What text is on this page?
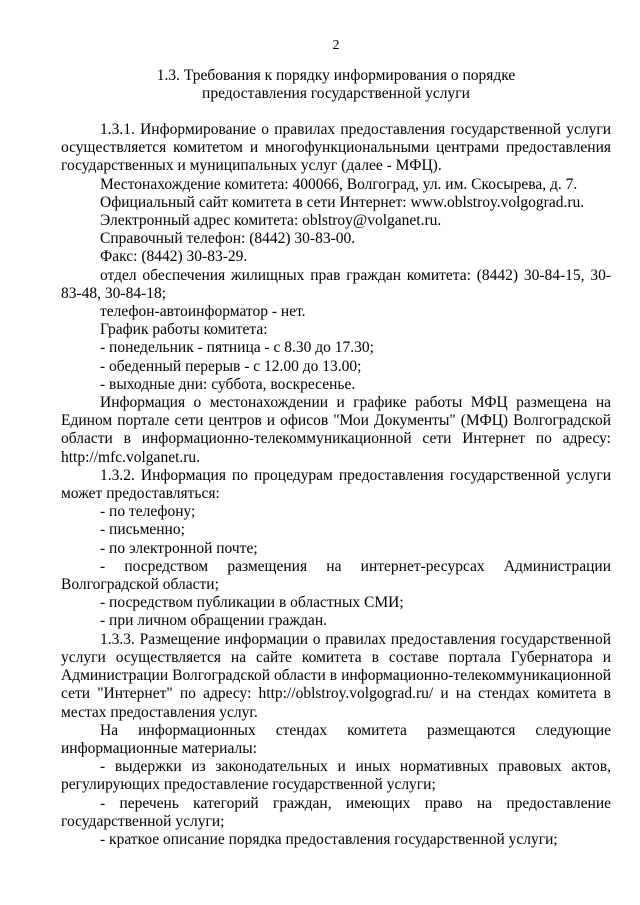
2
1.3. Требования к порядку информирования о порядке
предоставления государственной услуги

1.3.1. Информирование о правилах предоставления государственной услуги осуществляется комитетом и многофункциональными центрами предоставления государственных и муниципальных услуг (далее - МФЦ).

Местонахождение комитета: 400066, Волгоград, ул. им. Скосырева, д. 7.

Официальный сайт комитета в сети Интернет: www.oblstroy.volgograd.ru.

Электронный адрес комитета: oblstroy@volganet.ru.

Справочный телефон: (8442) 30-83-00.

Факс: (8442) 30-83-29.

отдел обеспечения жилищных прав граждан комитета: (8442) 30-84-15, 30-83-48, 30-84-18;

телефон-автоинформатор - нет.

График работы комитета:

- понедельник - пятница - с 8.30 до 17.30;

- обеденный перерыв - с 12.00 до 13.00;

- выходные дни: суббота, воскресенье.

Информация о местонахождении и графике работы МФЦ размещена на Едином портале сети центров и офисов "Мои Документы" (МФЦ) Волгоградской области в информационно-телекоммуникационной сети Интернет по адресу: http://mfc.volganet.ru.

1.3.2. Информация по процедурам предоставления государственной услуги может предоставляться:

- по телефону;

- письменно;

- по электронной почте;

- посредством размещения на интернет-ресурсах Администрации Волгоградской области;

- посредством публикации в областных СМИ;

- при личном обращении граждан.

1.3.3. Размещение информации о правилах предоставления государственной услуги осуществляется на сайте комитета в составе портала Губернатора и Администрации Волгоградской области в информационно-телекоммуникационной сети "Интернет" по адресу: http://oblstroy.volgograd.ru/ и на стендах комитета в местах предоставления услуг.

На информационных стендах комитета размещаются следующие информационные материалы:

- выдержки из законодательных и иных нормативных правовых актов, регулирующих предоставление государственной услуги;

- перечень категорий граждан, имеющих право на предоставление государственной услуги;

- краткое описание порядка предоставления государственной услуги;
